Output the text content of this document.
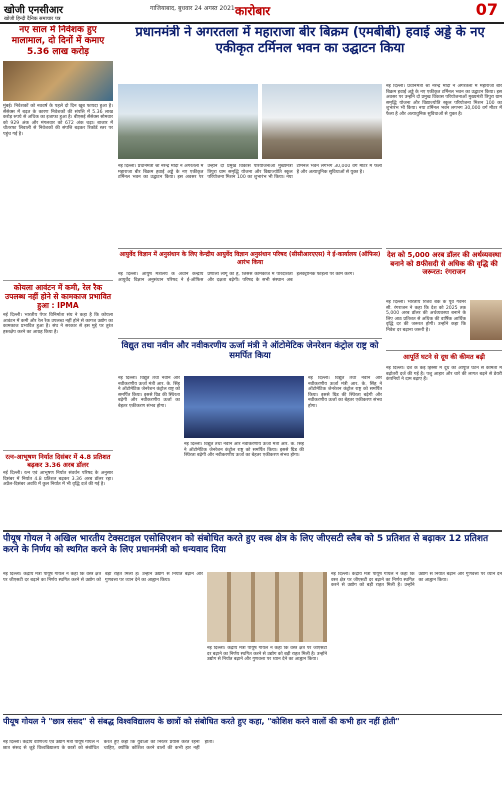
खोजी एनसीआर
खोजी हिन्दी दैनिक समाचार पत्र
गाजियाबाद, बुधवार 24 अगस्त 2021 कारोबार	07
नए साल में निवेशक हुए मालामाल, दो दिनों में कमाए 5.36 लाख करोड़
मुंबई। निवेशकों को नववर्ष के पहले दो दिन खूब फायदा हुआ है। सेंसेक्स में बढ़त के कारण निवेशकों की संपत्ति में 5.36 लाख करोड़ रुपये से अधिक का इजाफा हुआ है। बीएसई सेंसेक्स सोमवार को 929 अंक और मंगलवार को 672 अंक चढ़ा। बाजार में चौतरफा लिवाली से निवेशकों की संपत्ति बढ़कर रिकॉर्ड स्तर पर पहुंच गई है।
कोयला आवंटन में कमी, रेल रैक उपलब्ध नहीं होने से कामकाज प्रभावित हुआ : IPMA
नई दिल्ली। भारतीय पेपर विनिर्माता संघ ने कहा है कि कोयला आवंटन में कमी और रेल रैक उपलब्ध नहीं होने से कागज उद्योग का कामकाज प्रभावित हुआ है। संघ ने सरकार से इस मुद्दे पर तुरंत हस्तक्षेप करने का आग्रह किया है।
रत्न-आभूषण निर्यात दिसंबर में 4.8 प्रतिशत बढ़कर 3.36 अरब डॉलर
नई दिल्ली। रत्न एवं आभूषण निर्यात संवर्धन परिषद के अनुसार दिसंबर में निर्यात 4.8 प्रतिशत बढ़कर 3.36 अरब डॉलर रहा। अप्रैल-दिसंबर अवधि में कुल निर्यात में भी वृद्धि दर्ज की गई है।
प्रधानमंत्री ने अगरतला में महाराजा बीर बिक्रम (एमबीबी) हवाई अड्डे के नए एकीकृत टर्मिनल भवन का उद्घाटन किया
नई दिल्ली। प्रधानमंत्री श्री नरेन्द्र मोदी ने अगरतला में महाराजा बीर बिक्रम हवाई अड्डे के नए एकीकृत टर्मिनल भवन का उद्घाटन किया। इस अवसर पर उन्होंने दो प्रमुख विकास परियोजनाओं मुख्यमंत्री त्रिपुरा ग्राम समृद्धि योजना और विद्याज्योति स्कूल परियोजना मिशन 100 का शुभारंभ भी किया। नया टर्मिनल भवन लगभग 30,000 वर्ग मीटर में फैला है और अत्याधुनिक सुविधाओं से युक्त है।
नई दिल्ली। प्रधानमंत्री श्री नरेन्द्र मोदी ने अगरतला में महाराजा बीर बिक्रम हवाई अड्डे के नए एकीकृत टर्मिनल भवन का उद्घाटन किया। इस अवसर पर उन्होंने दो प्रमुख विकास परियोजनाओं मुख्यमंत्री त्रिपुरा ग्राम समृद्धि योजना और विद्याज्योति स्कूल परियोजना मिशन 100 का शुभारंभ भी किया। नया टर्मिनल भवन लगभग 30,000 वर्ग मीटर में फैला है और अत्याधुनिक सुविधाओं से युक्त है।
आयुर्वेद विज्ञान में अनुसंधान के लिए केन्द्रीय आयुर्वेद विज्ञान अनुसंधान परिषद (सीसीआरएएस) ने ई-कार्यालय (ऑफिस) आरंभ किया
नई दिल्ली। आयुष मंत्रालय के अधीन केन्द्रीय आयुर्वेद विज्ञान अनुसंधान परिषद ने ई-ऑफिस प्रणाली लागू की है, जिससे कामकाज में पारदर्शिता और दक्षता बढ़ेगी। परिषद के सभी संस्थान अब इलेक्ट्रॉनिक फाइलों पर काम करेंगे।
देश को 5,000 अरब डॉलर की अर्थव्यवस्था बनाने को 8फीसदी से अधिक की वृद्धि की जरूरत: रंगराजन
नई दिल्ली। भारतीय रिजर्व बैंक के पूर्व गवर्नर सी. रंगराजन ने कहा कि देश को 2025 तक 5,000 अरब डॉलर की अर्थव्यवस्था बनाने के लिए आठ प्रतिशत से अधिक की वार्षिक आर्थिक वृद्धि दर की जरूरत होगी। उन्होंने कहा कि निवेश दर बढ़ाना जरूरी है।
आपूर्ति घटने से दूध की कीमत बढ़ी
नई दिल्ली। देश के कई हिस्सों में दूध की आपूर्ति घटने से कीमतों में बढ़ोतरी दर्ज की गई है। पशु आहार और चारे की लागत बढ़ने से डेयरी कंपनियों ने दाम बढ़ाए हैं।
विद्युत तथा नवीन और नवीकरणीय ऊर्जा मंत्री ने ऑटोमेटिक जेनरेशन कंट्रोल राष्ट्र को समर्पित किया
नई दिल्ली। विद्युत तथा नवीन और नवीकरणीय ऊर्जा मंत्री आर. के. सिंह ने ऑटोमेटिक जेनरेशन कंट्रोल राष्ट्र को समर्पित किया। इससे ग्रिड की स्थिरता बढ़ेगी और नवीकरणीय ऊर्जा का बेहतर एकीकरण संभव होगा।
नई दिल्ली। विद्युत तथा नवीन और नवीकरणीय ऊर्जा मंत्री आर. के. सिंह ने ऑटोमेटिक जेनरेशन कंट्रोल राष्ट्र को समर्पित किया। इससे ग्रिड की स्थिरता बढ़ेगी और नवीकरणीय ऊर्जा का बेहतर एकीकरण संभव होगा।
नई दिल्ली। विद्युत तथा नवीन और नवीकरणीय ऊर्जा मंत्री आर. के. सिंह ने ऑटोमेटिक जेनरेशन कंट्रोल राष्ट्र को समर्पित किया। इससे ग्रिड की स्थिरता बढ़ेगी और नवीकरणीय ऊर्जा का बेहतर एकीकरण संभव होगा।
पीयूष गोयल ने अखिल भारतीय टेक्सटाइल एसोसिएशन को संबोधित करते हुए वस्त्र क्षेत्र के लिए जीएसटी स्लैब को 5 प्रतिशत से बढ़ाकर 12 प्रतिशत करने के निर्णय को स्थगित करने के लिए प्रधानमंत्री को धन्यवाद दिया
नई दिल्ली। केंद्रीय मंत्री पीयूष गोयल ने कहा कि वस्त्र क्षेत्र पर जीएसटी दर बढ़ाने का निर्णय स्थगित करने से उद्योग को बड़ी राहत मिली है। उन्होंने उद्योग से निर्यात बढ़ाने और गुणवत्ता पर ध्यान देने का आह्वान किया।
नई दिल्ली। केंद्रीय मंत्री पीयूष गोयल ने कहा कि वस्त्र क्षेत्र पर जीएसटी दर बढ़ाने का निर्णय स्थगित करने से उद्योग को बड़ी राहत मिली है। उन्होंने उद्योग से निर्यात बढ़ाने और गुणवत्ता पर ध्यान देने का आह्वान किया।
नई दिल्ली। केंद्रीय मंत्री पीयूष गोयल ने कहा कि वस्त्र क्षेत्र पर जीएसटी दर बढ़ाने का निर्णय स्थगित करने से उद्योग को बड़ी राहत मिली है। उन्होंने उद्योग से निर्यात बढ़ाने और गुणवत्ता पर ध्यान देने का आह्वान किया।
पीयूष गोयल ने "छात्र संसद" से संबद्ध विश्वविद्यालय के छात्रों को संबोधित करते हुए कहा, "कोशिश करने वालों की कभी हार नहीं होती"
नई दिल्ली। केंद्रीय वाणिज्य एवं उद्योग मंत्री पीयूष गोयल ने छात्र संसद से जुड़े विश्वविद्यालय के छात्रों को संबोधित करते हुए कहा कि युवाओं को निरंतर प्रयास करते रहना चाहिए, क्योंकि कोशिश करने वालों की कभी हार नहीं होती।
